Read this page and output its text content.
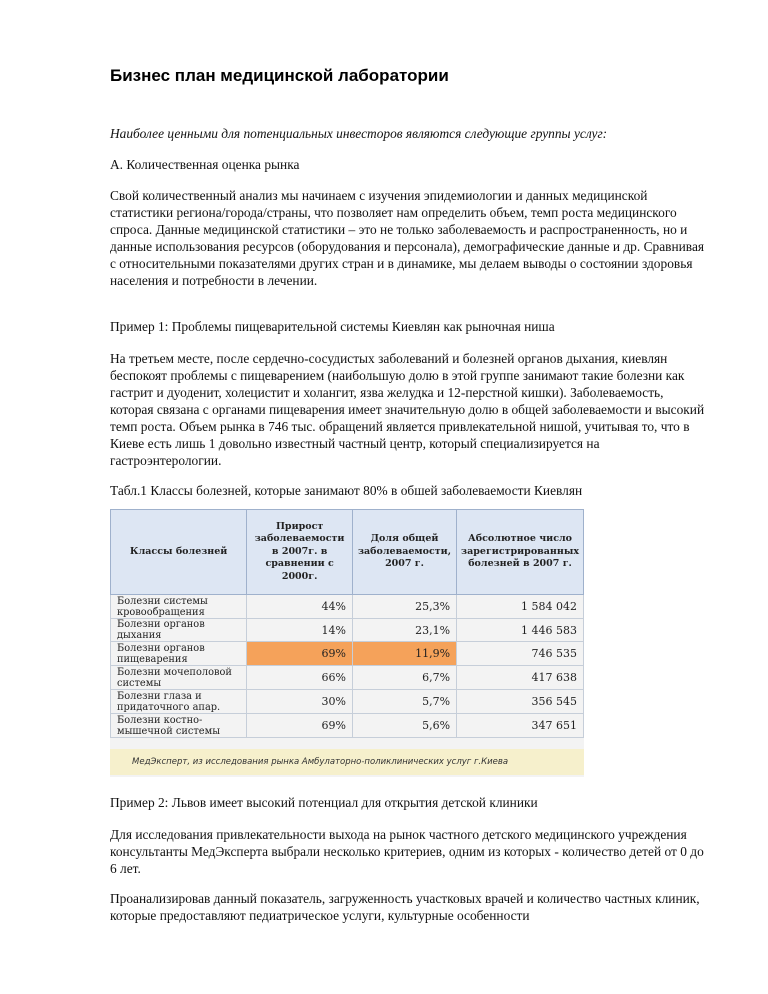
Бизнес план медицинской лаборатории

Наиболее ценными для потенциальных инвесторов являются следующие группы услуг:

А. Количественная оценка рынка

Свой количественный анализ мы начинаем с изучения эпидемиологии и данных медицинской статистики региона/города/страны, что позволяет нам определить объем, темп роста медицинского спроса. Данные медицинской статистики – это не только заболеваемость и распространенность, но и данные использования ресурсов (оборудования и персонала), демографические данные и др. Сравнивая с относительными показателями других стран и в динамике, мы делаем выводы о состоянии здоровья населения и потребности в лечении.

Пример 1: Проблемы пищеварительной системы Киевлян как рыночная ниша

На третьем месте, после сердечно-сосудистых заболеваний и болезней органов дыхания, киевлян беспокоят проблемы с пищеварением (наибольшую долю в этой группе занимают такие болезни как гастрит и дуоденит, холецистит и холангит, язва желудка и 12-перстной кишки). Заболеваемость, которая связана с органами пищеварения имеет значительную долю в общей заболеваемости и высокий темп роста. Объем рынка в 746 тыс. обращений является привлекательной нишой, учитывая то, что в Киеве есть лишь 1 довольно известный частный центр, который специализируется на гастроэнтерологии.

Табл.1 Классы болезней, которые занимают 80% в обшей заболеваемости Киевлян

Пример 2: Львов имеет высокий потенциал для открытия детской клиники

Для исследования привлекательности выхода на рынок частного детского медицинского учреждения консультанты МедЭксперта выбрали несколько критериев, одним из которых - количество детей от 0 до 6 лет.

Проанализировав данный показатель, загруженность участковых врачей и количество частных клиник, которые предоставляют педиатрическое услуги, культурные особенности

Классы болезней	Прирост заболеваемости в 2007г. в сравнении с 2000г.	Доля общей заболеваемости, 2007 г.	Абсолютное число зарегистрированных болезней в 2007 г.
Болезни системы кровообращения	44%	25,3%	1 584 042
Болезни органов дыхания	14%	23,1%	1 446 583
Болезни органов пищеварения	69%	11,9%	746 535
Болезни мочеполовой системы	66%	6,7%	417 638
Болезни глаза и придаточного апар.	30%	5,7%	356 545
Болезни костно-мышечной системы	69%	5,6%	347 651
МедЭксперт, из исследования рынка Амбулаторно-поликлинических услуг г.Киева
